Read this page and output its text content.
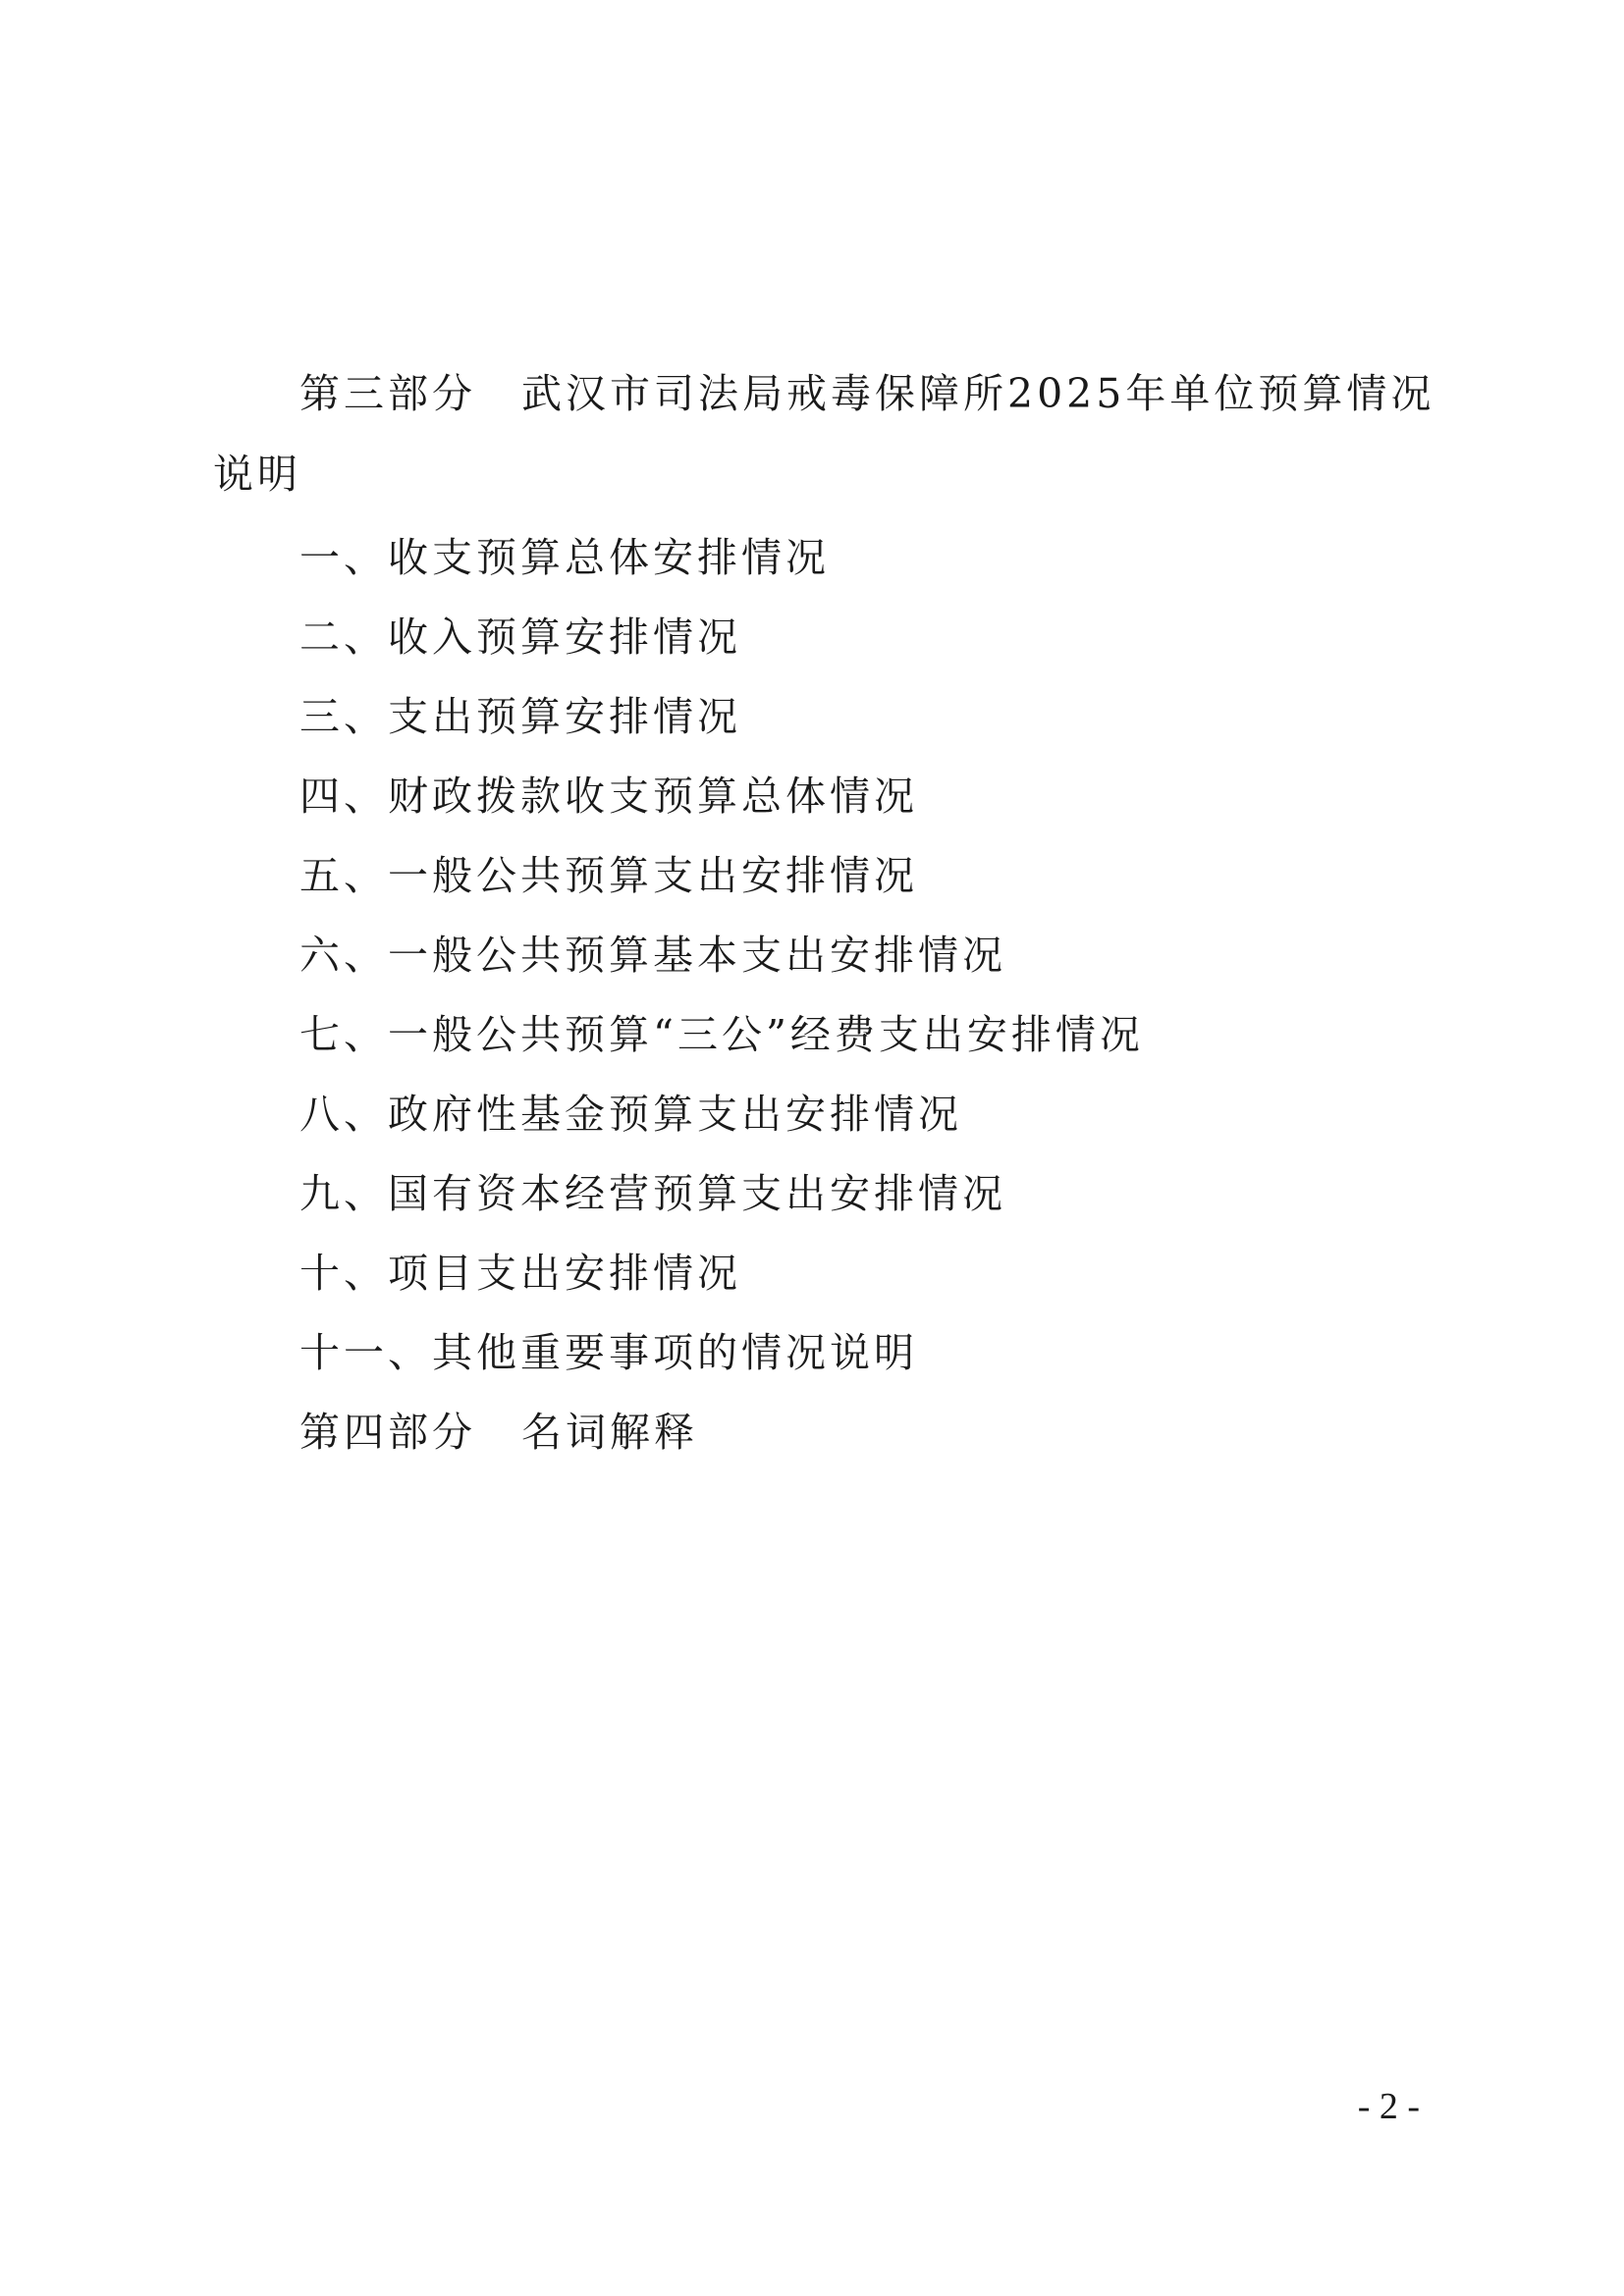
第三部分 武汉市司法局戒毒保障所2025年单位预算情况
说明
一、收支预算总体安排情况
二、收入预算安排情况
三、支出预算安排情况
四、财政拨款收支预算总体情况
五、一般公共预算支出安排情况
六、一般公共预算基本支出安排情况
七、一般公共预算“三公”经费支出安排情况
八、政府性基金预算支出安排情况
九、国有资本经营预算支出安排情况
十、项目支出安排情况
十一、其他重要事项的情况说明
第四部分 名词解释
- 2 -
